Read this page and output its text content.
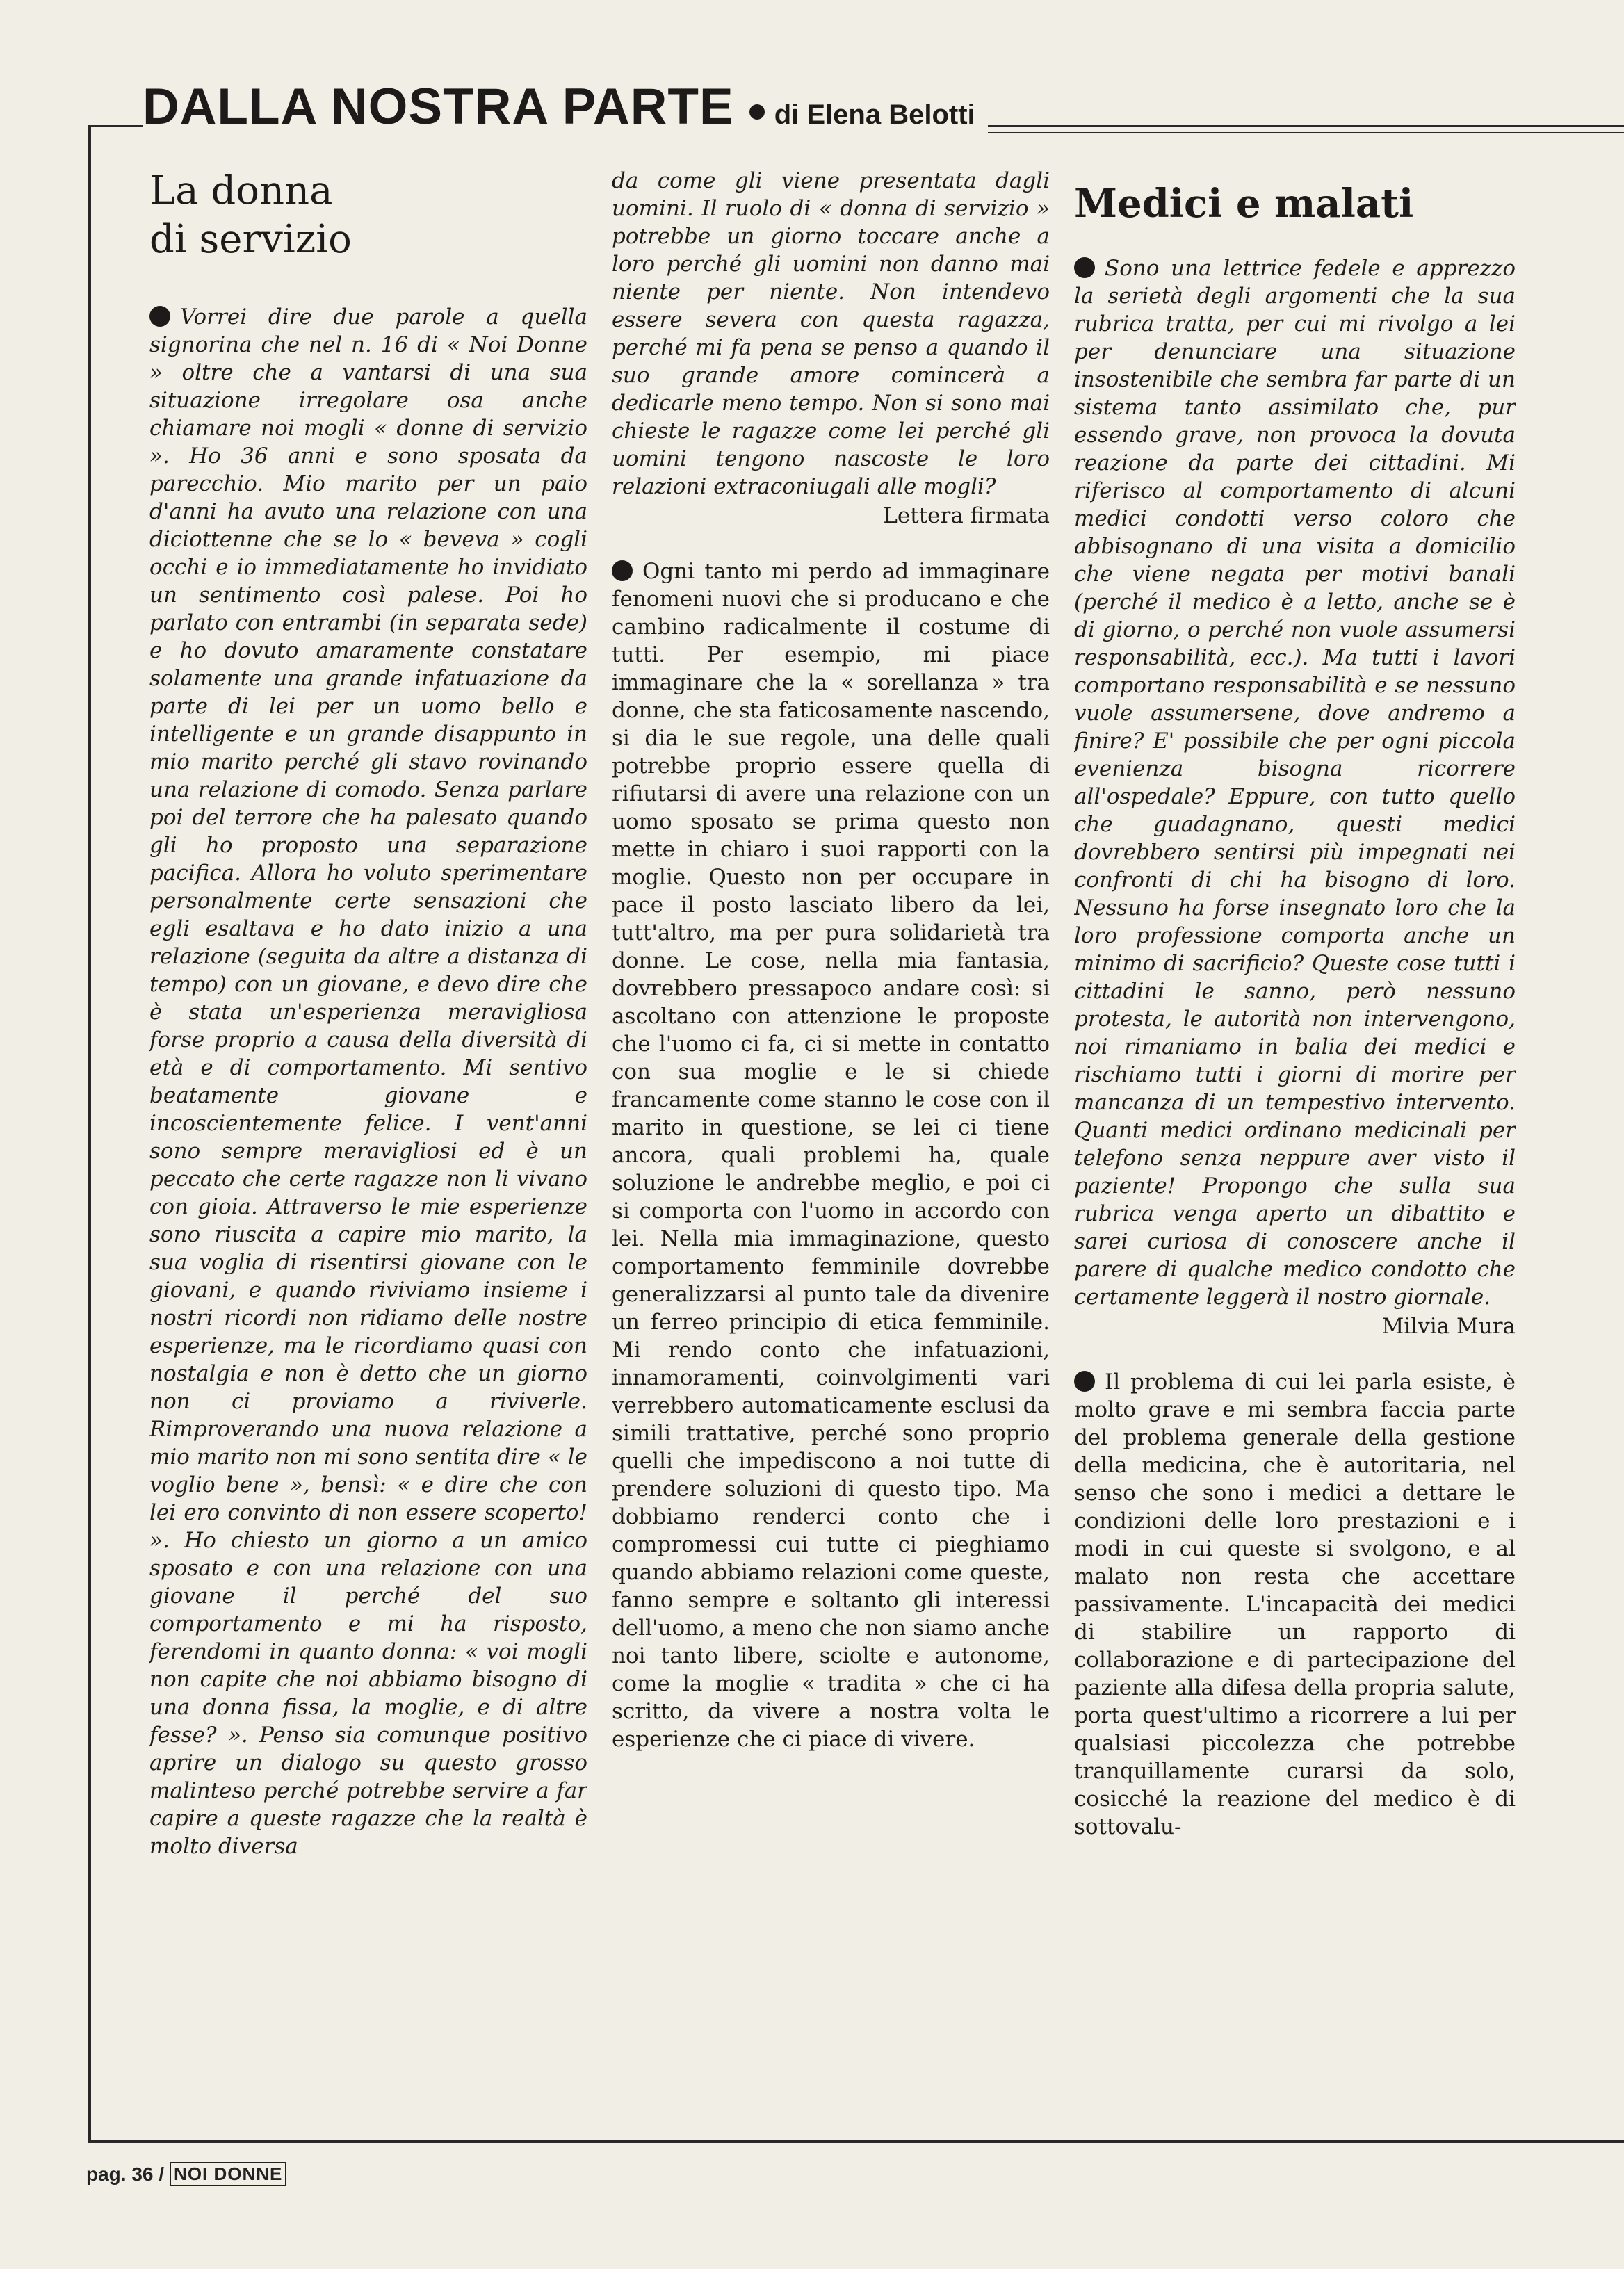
DALLA NOSTRA PARTE di Elena Belotti
La donna
di servizio

Vorrei dire due parole a quella signorina che nel n. 16 di « Noi Donne » oltre che a vantarsi di una sua situazione irregolare osa anche chiamare noi mogli « donne di servizio ». Ho 36 anni e sono sposata da parecchio. Mio marito per un paio d'anni ha avuto una relazione con una diciottenne che se lo « beveva » cogli occhi e io immediatamente ho invidiato un sentimento così palese. Poi ho parlato con entrambi (in separata sede) e ho dovuto amaramente constatare solamente una grande infatuazione da parte di lei per un uomo bello e intelligente e un grande disappunto in mio marito perché gli stavo rovinando una relazione di comodo. Senza parlare poi del terrore che ha palesato quando gli ho proposto una separazione pacifica. Allora ho voluto sperimentare personalmente certe sensazioni che egli esaltava e ho dato inizio a una relazione (seguita da altre a distanza di tempo) con un giovane, e devo dire che è stata un'esperienza meravigliosa forse proprio a causa della diversità di età e di comportamento. Mi sentivo beatamente giovane e incoscientemente felice. I vent'anni sono sempre meravigliosi ed è un peccato che certe ragazze non li vivano con gioia. Attraverso le mie esperienze sono riuscita a capire mio marito, la sua voglia di risentirsi giovane con le giovani, e quando riviviamo insieme i nostri ricordi non ridiamo delle nostre esperienze, ma le ricordiamo quasi con nostalgia e non è detto che un giorno non ci proviamo a riviverle. Rimproverando una nuova relazione a mio marito non mi sono sentita dire « le voglio bene », bensì: « e dire che con lei ero convinto di non essere scoperto! ». Ho chiesto un giorno a un amico sposato e con una relazione con una giovane il perché del suo comportamento e mi ha risposto, ferendomi in quanto donna: « voi mogli non capite che noi abbiamo bisogno di una donna fissa, la moglie, e di altre fesse? ». Penso sia comunque positivo aprire un dialogo su questo grosso malinteso perché potrebbe servire a far capire a queste ragazze che la realtà è molto diversa

da come gli viene presentata dagli uomini. Il ruolo di « donna di servizio » potrebbe un giorno toccare anche a loro perché gli uomini non danno mai niente per niente. Non intendevo essere severa con questa ragazza, perché mi fa pena se penso a quando il suo grande amore comincerà a dedicarle meno tempo. Non si sono mai chieste le ragazze come lei perché gli uomini tengono nascoste le loro relazioni extraconiugali alle mogli?

Lettera firmata

Ogni tanto mi perdo ad immaginare fenomeni nuovi che si producano e che cambino radicalmente il costume di tutti. Per esempio, mi piace immaginare che la « sorellanza » tra donne, che sta faticosamente nascendo, si dia le sue regole, una delle quali potrebbe proprio essere quella di rifiutarsi di avere una relazione con un uomo sposato se prima questo non mette in chiaro i suoi rapporti con la moglie. Questo non per occupare in pace il posto lasciato libero da lei, tutt'altro, ma per pura solidarietà tra donne. Le cose, nella mia fantasia, dovrebbero pressapoco andare così: si ascoltano con attenzione le proposte che l'uomo ci fa, ci si mette in contatto con sua moglie e le si chiede francamente come stanno le cose con il marito in questione, se lei ci tiene ancora, quali problemi ha, quale soluzione le andrebbe meglio, e poi ci si comporta con l'uomo in accordo con lei. Nella mia immaginazione, questo comportamento femminile dovrebbe generalizzarsi al punto tale da divenire un ferreo principio di etica femminile. Mi rendo conto che infatuazioni, innamoramenti, coinvolgimenti vari verrebbero automaticamente esclusi da simili trattative, perché sono proprio quelli che impediscono a noi tutte di prendere soluzioni di questo tipo. Ma dobbiamo renderci conto che i compromessi cui tutte ci pieghiamo quando abbiamo relazioni come queste, fanno sempre e soltanto gli interessi dell'uomo, a meno che non siamo anche noi tanto libere, sciolte e autonome, come la moglie « tradita » che ci ha scritto, da vivere a nostra volta le esperienze che ci piace di vivere.

Medici e malati

Sono una lettrice fedele e apprezzo la serietà degli argomenti che la sua rubrica tratta, per cui mi rivolgo a lei per denunciare una situazione insostenibile che sembra far parte di un sistema tanto assimilato che, pur essendo grave, non provoca la dovuta reazione da parte dei cittadini. Mi riferisco al comportamento di alcuni medici condotti verso coloro che abbisognano di una visita a domicilio che viene negata per motivi banali (perché il medico è a letto, anche se è di giorno, o perché non vuole assumersi responsabilità, ecc.). Ma tutti i lavori comportano responsabilità e se nessuno vuole assumersene, dove andremo a finire? E' possibile che per ogni piccola evenienza bisogna ricorrere all'ospedale? Eppure, con tutto quello che guadagnano, questi medici dovrebbero sentirsi più impegnati nei confronti di chi ha bisogno di loro. Nessuno ha forse insegnato loro che la loro professione comporta anche un minimo di sacrificio? Queste cose tutti i cittadini le sanno, però nessuno protesta, le autorità non intervengono, noi rimaniamo in balia dei medici e rischiamo tutti i giorni di morire per mancanza di un tempestivo intervento. Quanti medici ordinano medicinali per telefono senza neppure aver visto il paziente! Propongo che sulla sua rubrica venga aperto un dibattito e sarei curiosa di conoscere anche il parere di qualche medico condotto che certamente leggerà il nostro giornale.

Milvia Mura

Il problema di cui lei parla esiste, è molto grave e mi sembra faccia parte del problema generale della gestione della medicina, che è autoritaria, nel senso che sono i medici a dettare le condizioni delle loro prestazioni e i modi in cui queste si svolgono, e al malato non resta che accettare passivamente. L'incapacità dei medici di stabilire un rapporto di collaborazione e di partecipazione del paziente alla difesa della propria salute, porta quest'ultimo a ricorrere a lui per qualsiasi piccolezza che potrebbe tranquillamente curarsi da solo, cosicché la reazione del medico è di sottovalu-

pag. 36 / NOI DONNE
